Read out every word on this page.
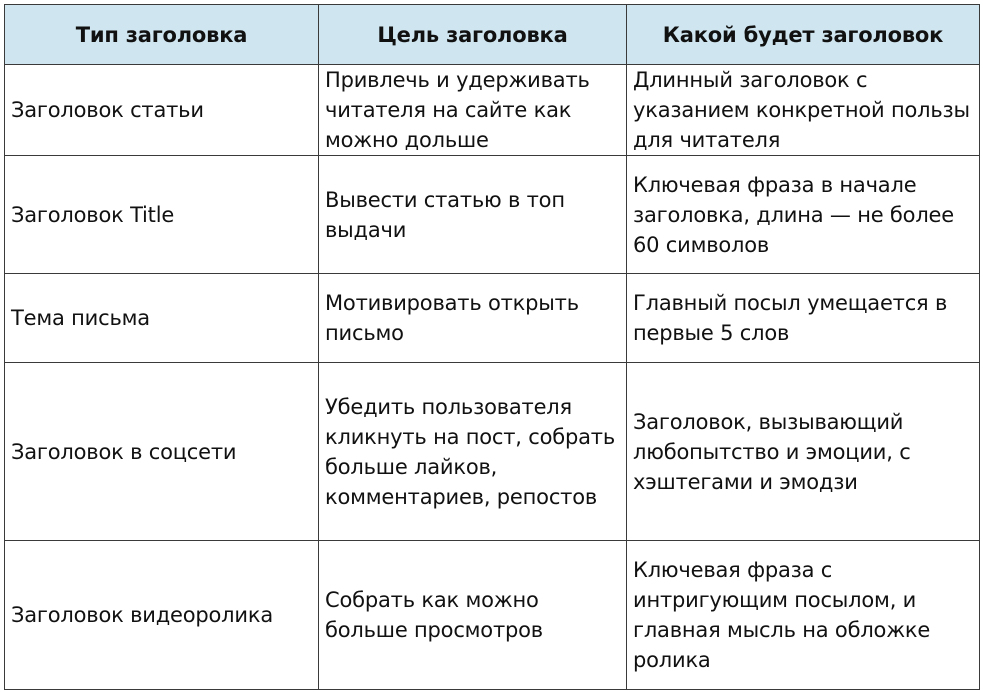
Тип заголовка	Цель заголовка	Какой будет заголовок
Заголовок статьи	Привлечь и удерживать читателя на сайте как можно дольше	Длинный заголовок с указанием конкретной пользы для читателя
Заголовок Title	Вывести статью в топ выдачи	Ключевая фраза в начале заголовка, длина — не более 60 символов
Тема письма	Мотивировать открыть письмо	Главный посыл умещается в первые 5 слов
Заголовок в соцсети	Убедить пользователя кликнуть на пост, собрать больше лайков, комментариев, репостов	Заголовок, вызывающий любопытство и эмоции, с хэштегами и эмодзи
Заголовок видеоролика	Собрать как можно больше просмотров	Ключевая фраза с интригующим посылом, и главная мысль на обложке ролика
